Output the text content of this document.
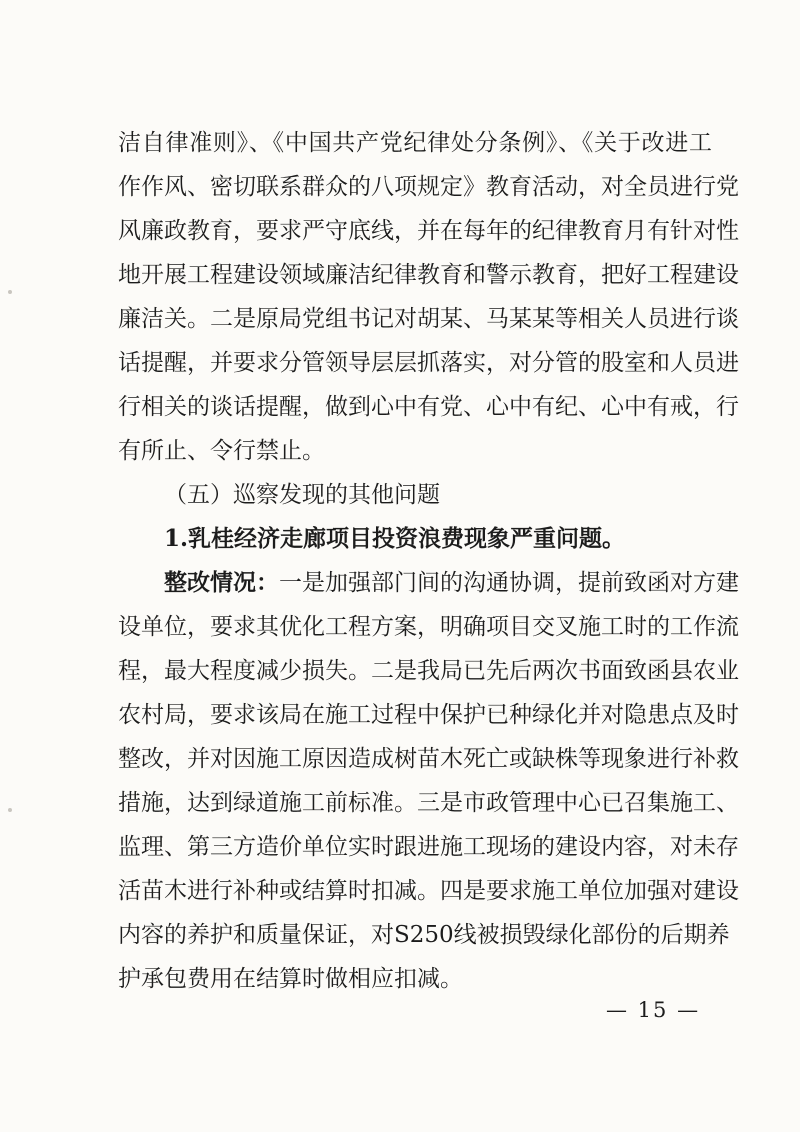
洁自律准则》、《中国共产党纪律处分条例》、《关于改进工
作作风、密切联系群众的八项规定》教育活动，对全员进行党
风廉政教育，要求严守底线，并在每年的纪律教育月有针对性
地开展工程建设领域廉洁纪律教育和警示教育，把好工程建设
廉洁关。二是原局党组书记对胡某、马某某等相关人员进行谈
话提醒，并要求分管领导层层抓落实，对分管的股室和人员进
行相关的谈话提醒，做到心中有党、心中有纪、心中有戒，行
有所止、令行禁止。
（五）巡察发现的其他问题
1.乳桂经济走廊项目投资浪费现象严重问题。
整改情况：一是加强部门间的沟通协调，提前致函对方建
设单位，要求其优化工程方案，明确项目交叉施工时的工作流
程，最大程度减少损失。二是我局已先后两次书面致函县农业
农村局，要求该局在施工过程中保护已种绿化并对隐患点及时
整改，并对因施工原因造成树苗木死亡或缺株等现象进行补救
措施，达到绿道施工前标准。三是市政管理中心已召集施工、
监理、第三方造价单位实时跟进施工现场的建设内容，对未存
活苗木进行补种或结算时扣减。四是要求施工单位加强对建设
内容的养护和质量保证，对S250线被损毁绿化部份的后期养
护承包费用在结算时做相应扣减。
— 15 —
